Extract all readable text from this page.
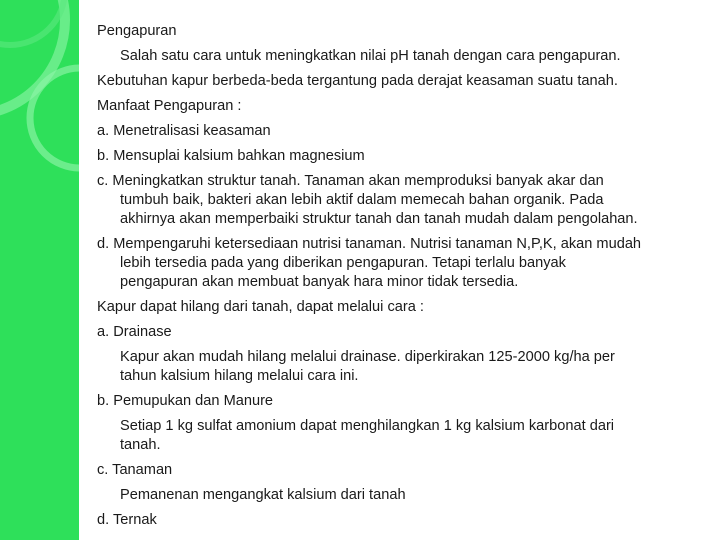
Pengapuran
Salah satu cara untuk meningkatkan nilai pH tanah dengan cara pengapuran.
Kebutuhan kapur berbeda-beda tergantung pada derajat keasaman suatu tanah.
Manfaat Pengapuran :
a. Menetralisasi keasaman
b. Mensuplai kalsium bahkan magnesium
c. Meningkatkan struktur tanah. Tanaman akan memproduksi banyak akar dan
tumbuh baik, bakteri akan lebih aktif dalam memecah bahan organik. Pada
akhirnya akan memperbaiki struktur tanah dan tanah mudah dalam pengolahan.
d. Mempengaruhi ketersediaan nutrisi tanaman. Nutrisi tanaman N,P,K, akan mudah
lebih tersedia pada yang diberikan pengapuran. Tetapi terlalu banyak
pengapuran akan membuat banyak hara minor tidak tersedia.
Kapur dapat hilang dari tanah, dapat melalui cara :
a. Drainase
Kapur akan mudah hilang melalui drainase. diperkirakan 125-2000 kg/ha per
tahun kalsium hilang melalui cara ini.
b. Pemupukan dan Manure
Setiap 1 kg sulfat amonium dapat menghilangkan 1 kg kalsium karbonat dari
tanah.
c. Tanaman
Pemanenan mengangkat kalsium dari tanah
d. Ternak
